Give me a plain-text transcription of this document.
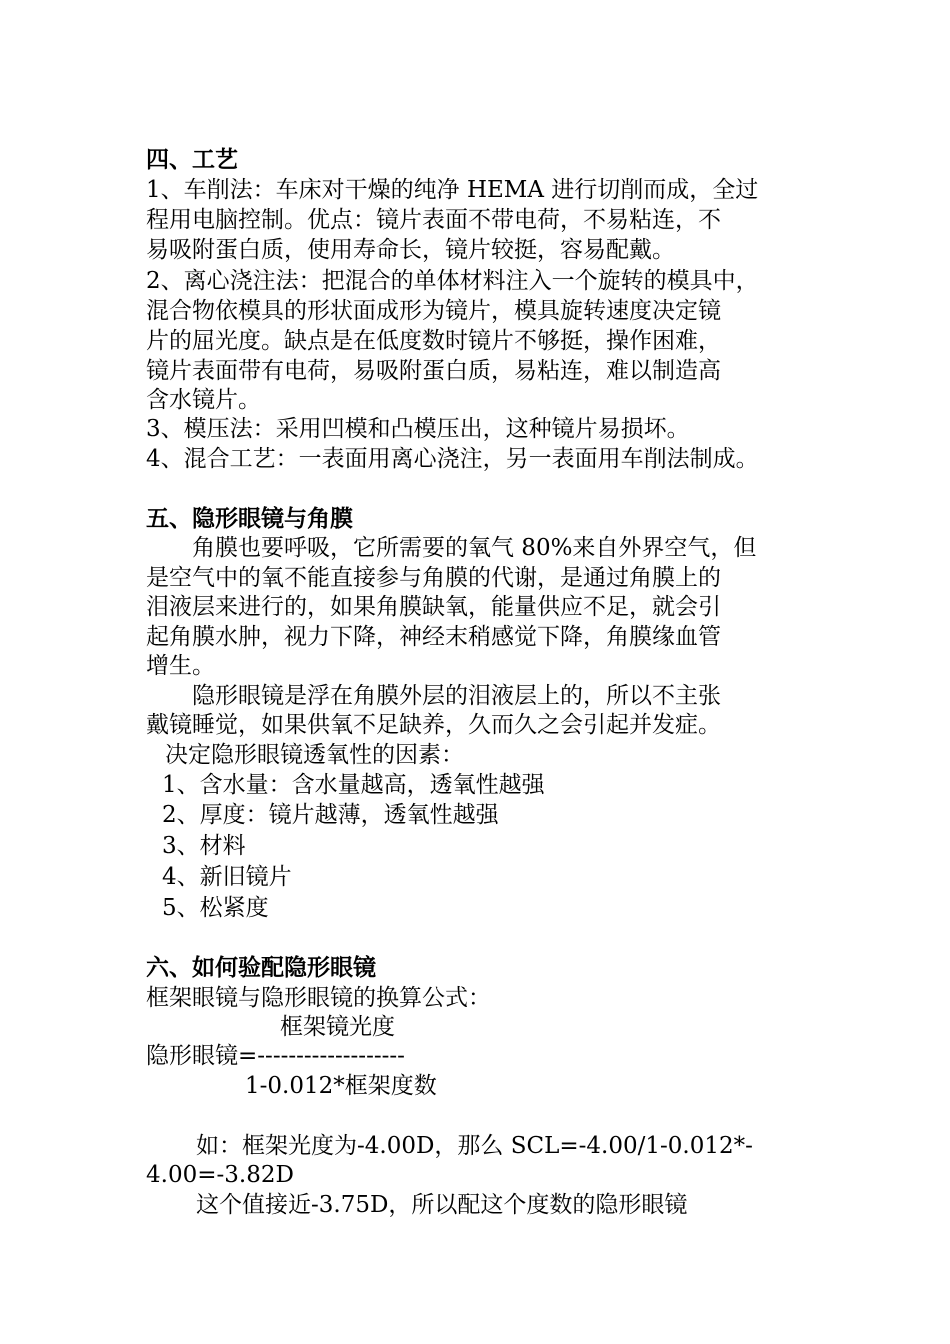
四、工艺
1、车削法：车床对干燥的纯净 HEMA 进行切削而成，全过
程用电脑控制。优点：镜片表面不带电荷，不易粘连，不
易吸附蛋白质，使用寿命长，镜片较挺，容易配戴。
2、离心浇注法：把混合的单体材料注入一个旋转的模具中，
混合物依模具的形状面成形为镜片，模具旋转速度决定镜
片的屈光度。缺点是在低度数时镜片不够挺，操作困难，
镜片表面带有电荷，易吸附蛋白质，易粘连，难以制造高
含水镜片。
3、模压法：采用凹模和凸模压出，这种镜片易损坏。
4、混合工艺：一表面用离心浇注，另一表面用车削法制成。
五、隐形眼镜与角膜
角膜也要呼吸，它所需要的氧气 80%来自外界空气，但
是空气中的氧不能直接参与角膜的代谢，是通过角膜上的
泪液层来进行的，如果角膜缺氧，能量供应不足，就会引
起角膜水肿，视力下降，神经末稍感觉下降，角膜缘血管
增生。
隐形眼镜是浮在角膜外层的泪液层上的，所以不主张
戴镜睡觉，如果供氧不足缺养，久而久之会引起并发症。
决定隐形眼镜透氧性的因素：
1、含水量：含水量越高，透氧性越强
2、厚度：镜片越薄，透氧性越强
3、材料
4、新旧镜片
5、松紧度
六、如何验配隐形眼镜
框架眼镜与隐形眼镜的换算公式：
框架镜光度
隐形眼镜=-------------------
1-0.012*框架度数
如：框架光度为-4.00D，那么 SCL=-4.00/1-0.012*-
4.00=-3.82D
这个值接近-3.75D，所以配这个度数的隐形眼镜
